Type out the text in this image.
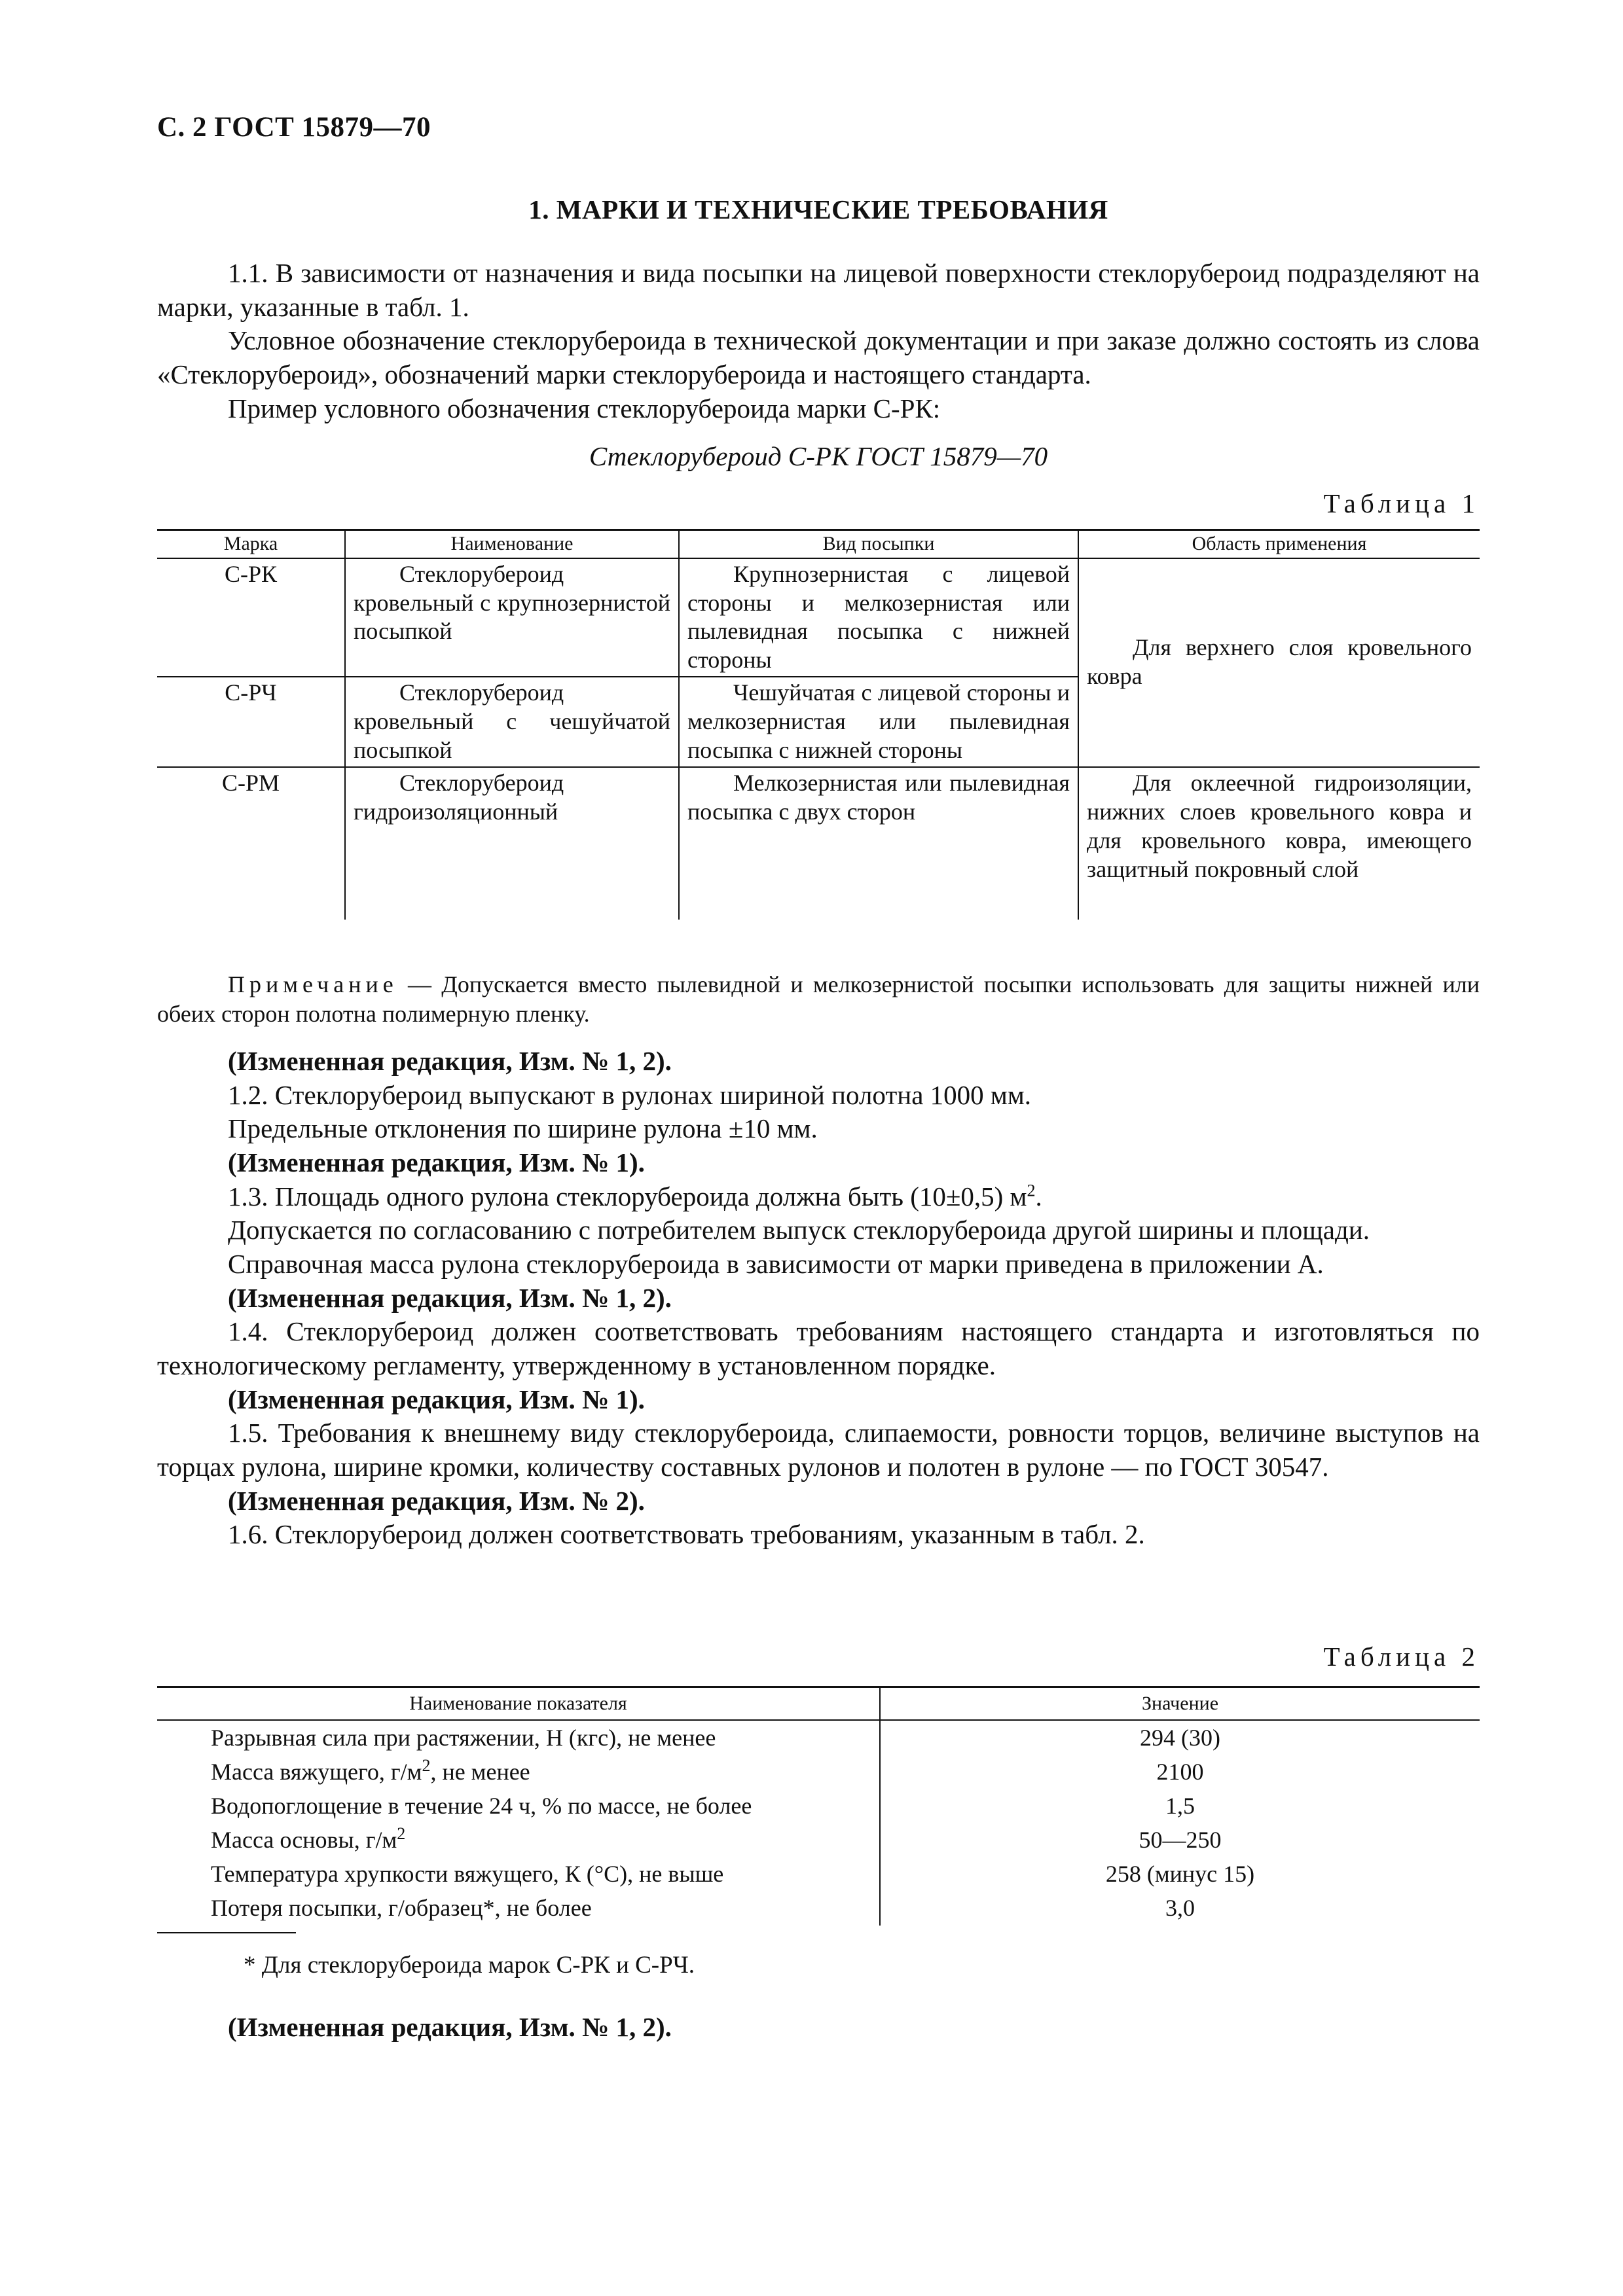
С. 2 ГОСТ 15879—70
1. МАРКИ И ТЕХНИЧЕСКИЕ ТРЕБОВАНИЯ

1.1. В зависимости от назначения и вида посыпки на лицевой поверхности стеклорубероид подразделяют на марки, указанные в табл. 1.

Условное обозначение стеклорубероида в технической документации и при заказе должно состоять из слова «Стеклорубероид», обозначений марки стеклорубероида и настоящего стандарта.

Пример условного обозначения стеклорубероида марки С-РК:

Стеклорубероид С-РК ГОСТ 15879—70
Таблица 1
Марка	Наименование	Вид посыпки	Область применения
С-РК	Стеклорубероид кровельный с крупнозернистой посыпкой	Крупнозернистая с лицевой стороны и мелкозернистая или пылевидная посыпка с нижней стороны	Для верхнего слоя кровельного ковра
С-РЧ	Стеклорубероид кровельный с чешуйчатой посыпкой	Чешуйчатая с лицевой стороны и мелкозернистая или пылевидная посыпка с нижней стороны	
С-РМ	Стеклорубероид гидроизоляционный	Мелкозернистая или пылевидная посыпка с двух сторон	Для оклеечной гидроизоляции, нижних слоев кровельного ковра и для кровельного ковра, имеющего защитный покровный слой

Примечание — Допускается вместо пылевидной и мелкозернистой посыпки использовать для защиты нижней или обеих сторон полотна полимерную пленку.

(Измененная редакция, Изм. № 1, 2).

1.2. Стеклорубероид выпускают в рулонах шириной полотна 1000 мм.

Предельные отклонения по ширине рулона ±10 мм.

(Измененная редакция, Изм. № 1).

1.3. Площадь одного рулона стеклорубероида должна быть (10±0,5) $м^2$.

Допускается по согласованию с потребителем выпуск стеклорубероида другой ширины и площади.

Справочная масса рулона стеклорубероида в зависимости от марки приведена в приложении А.

(Измененная редакция, Изм. № 1, 2).

1.4. Стеклорубероид должен соответствовать требованиям настоящего стандарта и изготовляться по технологическому регламенту, утвержденному в установленном порядке.

(Измененная редакция, Изм. № 1).

1.5. Требования к внешнему виду стеклорубероида, слипаемости, ровности торцов, величине выступов на торцах рулона, ширине кромки, количеству составных рулонов и полотен в рулоне — по ГОСТ 30547.

(Измененная редакция, Изм. № 2).

1.6. Стеклорубероид должен соответствовать требованиям, указанным в табл. 2.

Таблица 2
Наименование показателя	Значение
Разрывная сила при растяжении, Н (кгс), не менее	294 (30)
Масса вяжущего, $г/м^2$, не менее	2100
Водопоглощение в течение 24 ч, % по массе, не более	1,5
Масса основы, $г/м^2$	50—250
Температура хрупкости вяжущего, К (°С), не выше	258 (минус 15)
Потеря посыпки, г/образец*, не более	3,0
* Для стеклорубероида марок С-РК и С-РЧ.
(Измененная редакция, Изм. № 1, 2).
